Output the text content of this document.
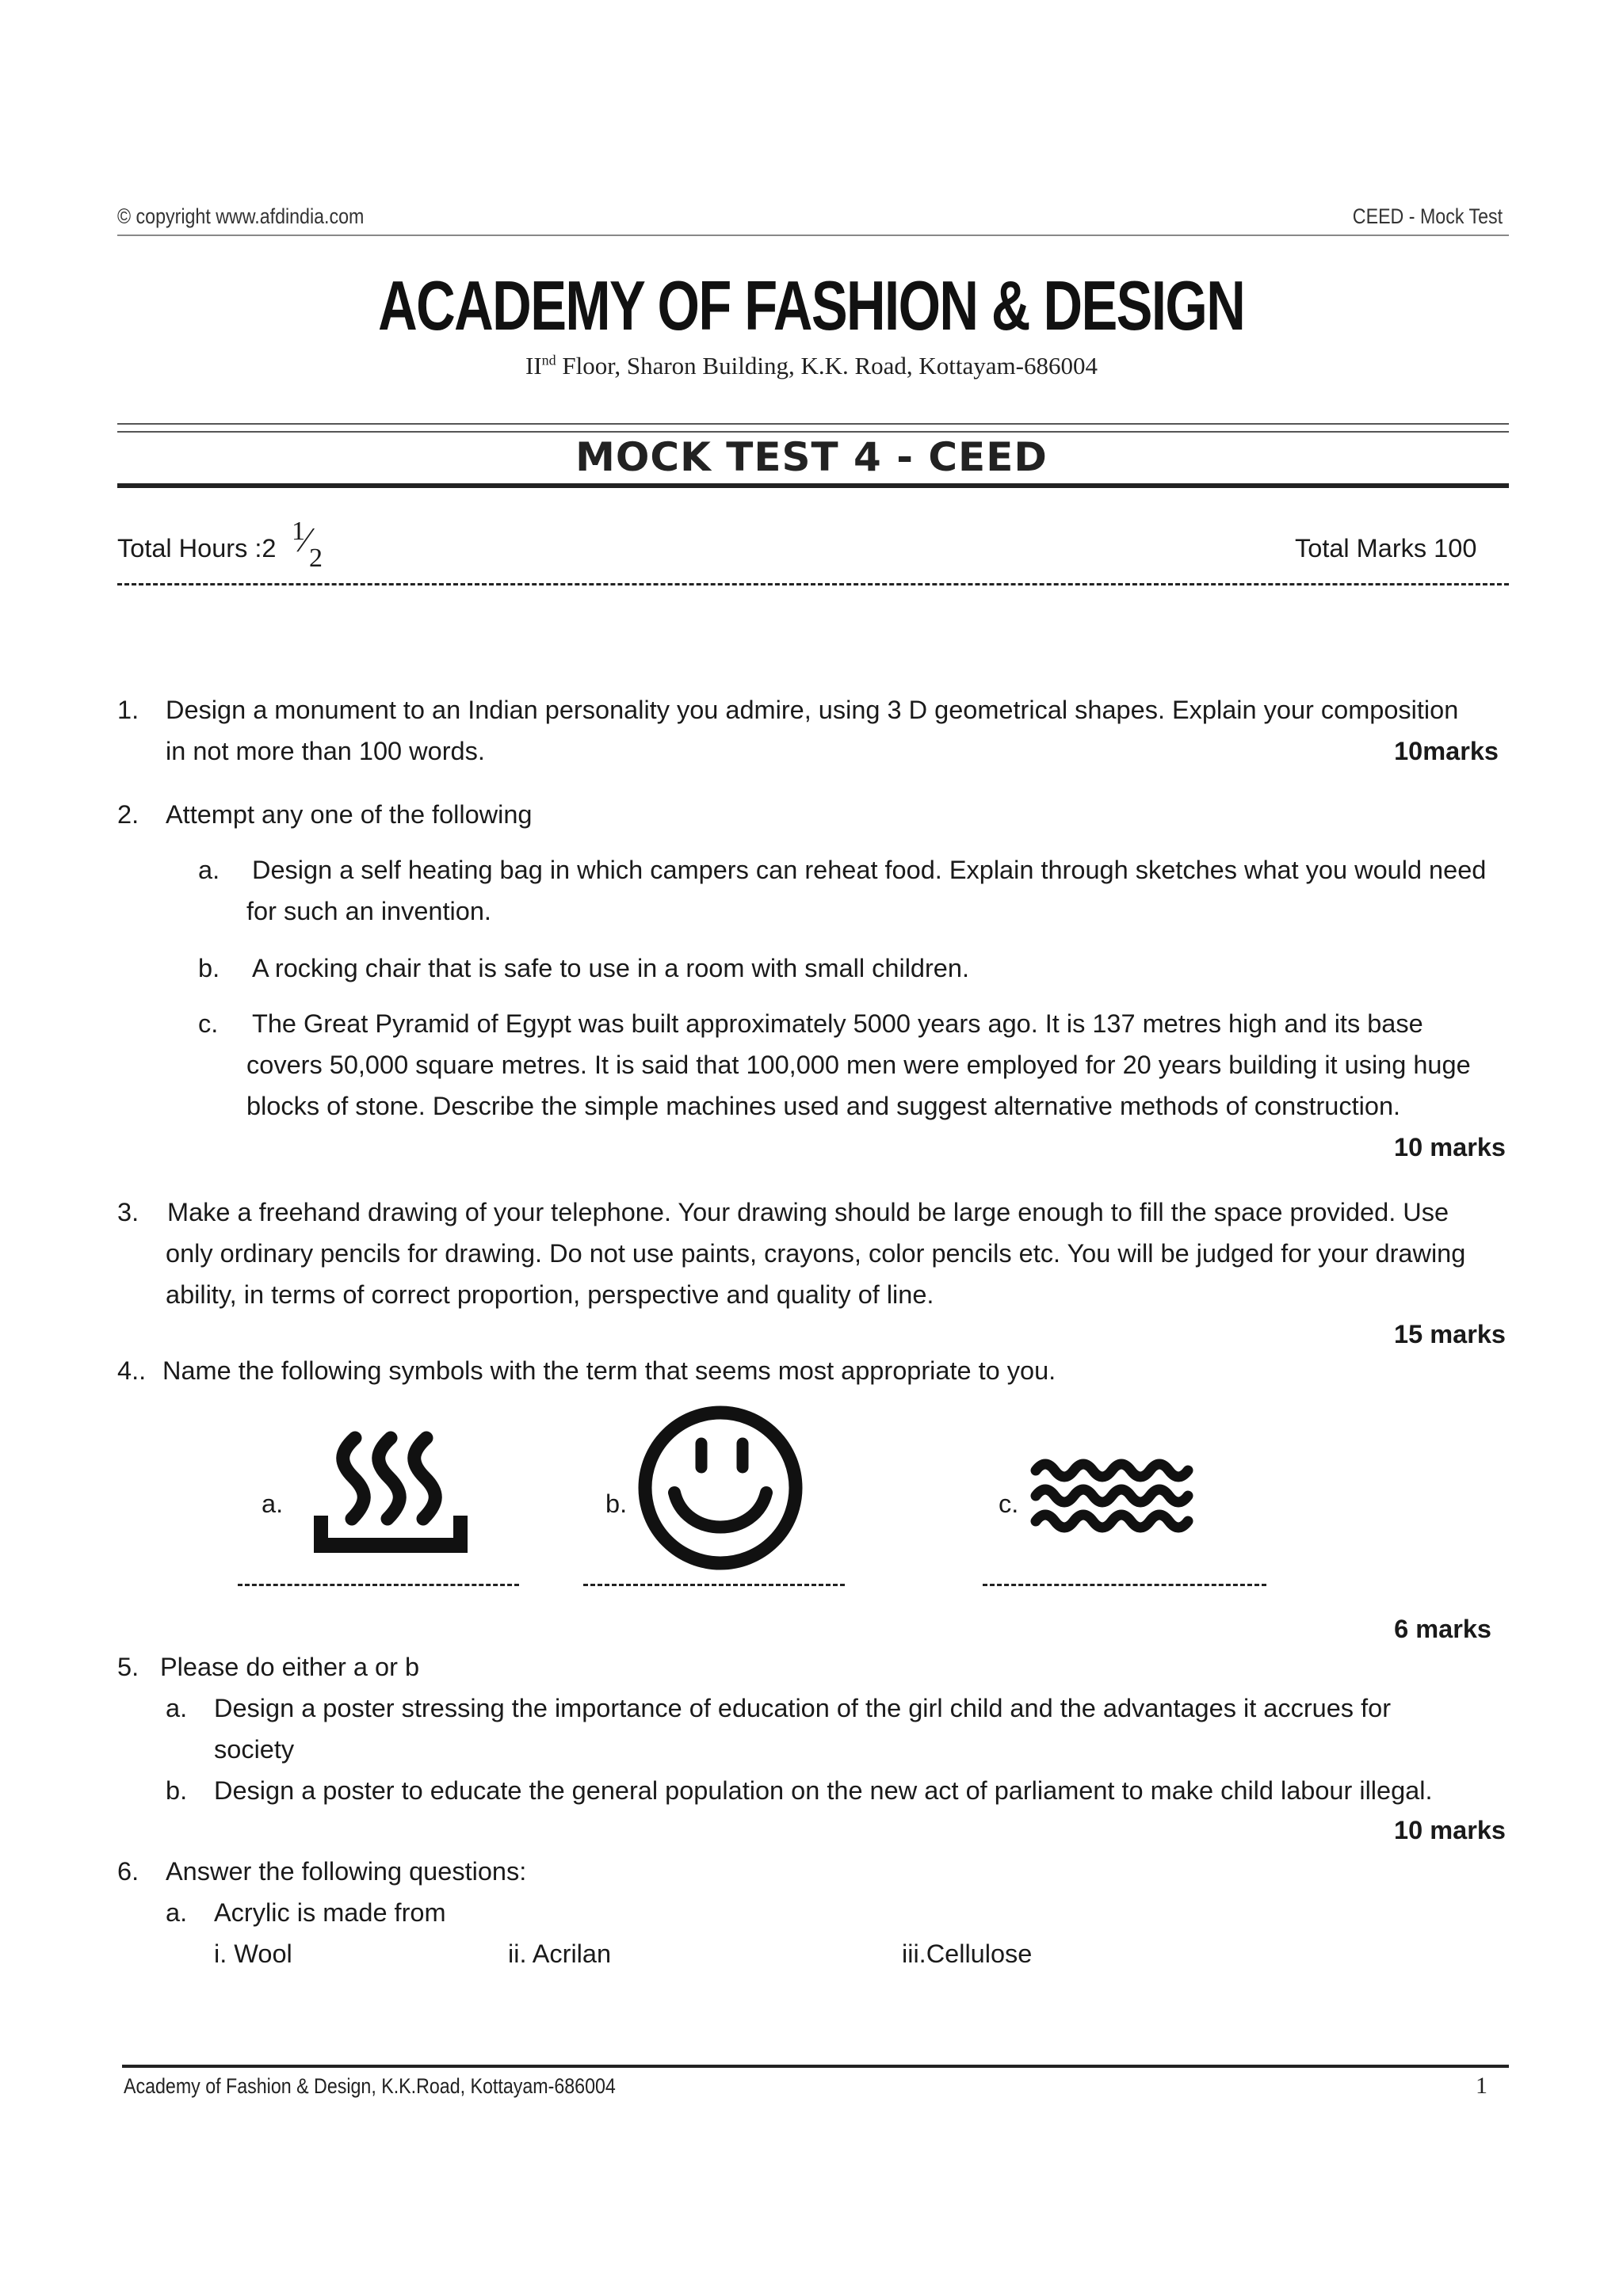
© copyright www.afdindia.com	CEED - Mock Test
ACADEMY OF FASHION & DESIGN
IInd Floor, Sharon Building, K.K. Road, Kottayam-686004
MOCK TEST 4 - CEED
Total Hours :2
1
⁄ 2	Total Marks 100
1. Design a monument to an Indian personality you admire, using 3 D geometrical shapes. Explain your composition
in not more than 100 words.	10marks
2. Attempt any one of the following
a. Design a self heating bag in which campers can reheat food. Explain through sketches what you would need
for such an invention.
b. A rocking chair that is safe to use in a room with small children.
c. The Great Pyramid of Egypt was built approximately 5000 years ago. It is 137 metres high and its base
covers 50,000 square metres. It is said that 100,000 men were employed for 20 years building it using huge
blocks of stone. Describe the simple machines used and suggest alternative methods of construction.
10 marks
3. Make a freehand drawing of your telephone. Your drawing should be large enough to fill the space provided. Use
only ordinary pencils for drawing. Do not use paints, crayons, color pencils etc. You will be judged for your drawing
ability, in terms of correct proportion, perspective and quality of line.
15 marks
4.. Name the following symbols with the term that seems most appropriate to you.
a.	b.	c.
6 marks
5. Please do either a or b
a. Design a poster stressing the importance of education of the girl child and the advantages it accrues for
society
b. Design a poster to educate the general population on the new act of parliament to make child labour illegal.
10 marks
6. Answer the following questions:
a. Acrylic is made from
i. Wool	ii. Acrilan	iii.Cellulose
Academy of Fashion & Design, K.K.Road, Kottayam-686004	1
